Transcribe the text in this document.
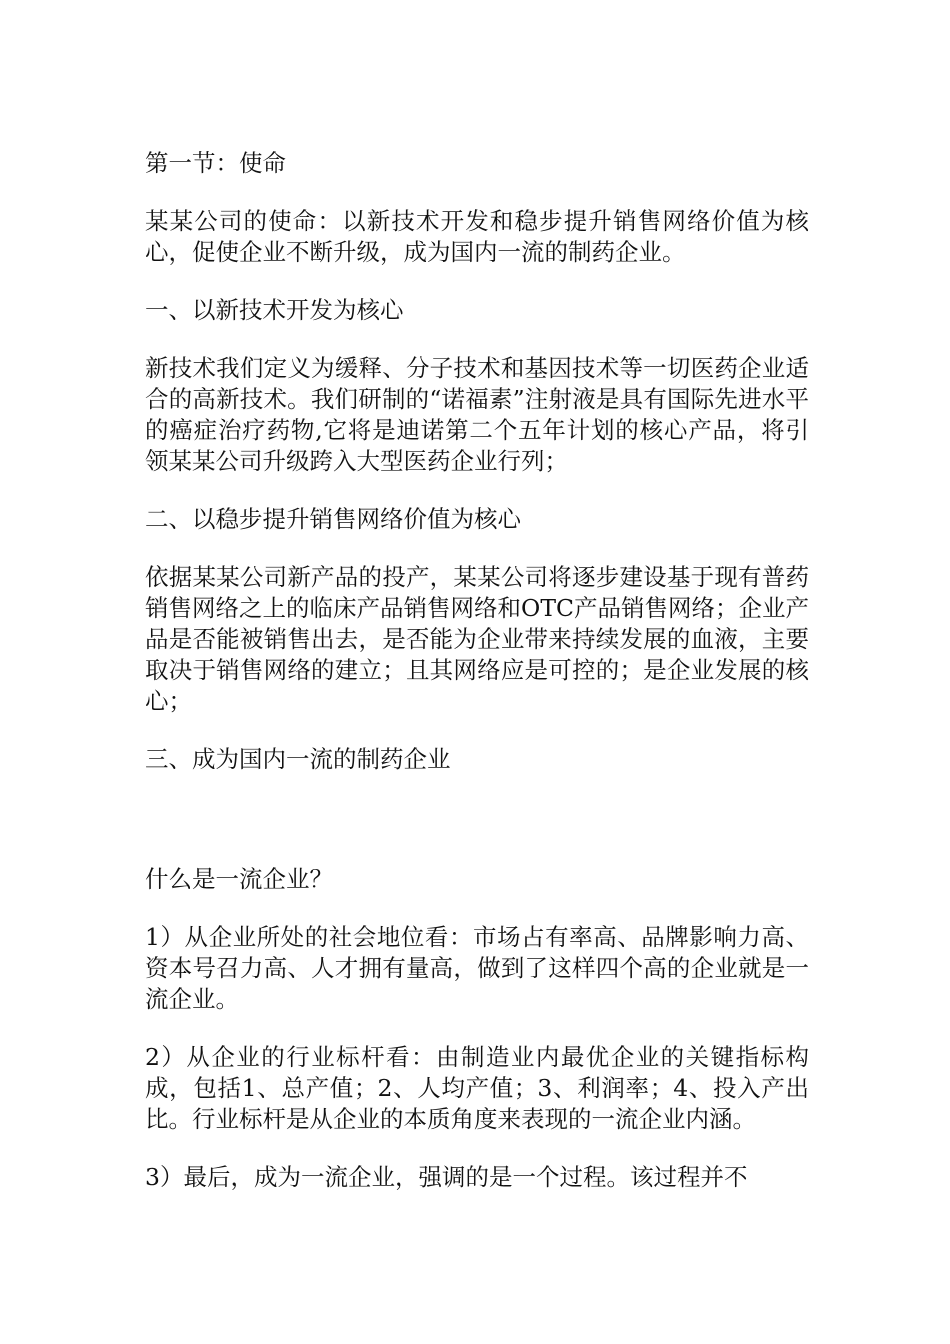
第一节：使命

某某公司的使命：以新技术开发和稳步提升销售网络价值为核心，促使企业不断升级，成为国内一流的制药企业。

一、以新技术开发为核心

新技术我们定义为缓释、分子技术和基因技术等一切医药企业适合的高新技术。我们研制的“诺福素”注射液是具有国际先进水平的癌症治疗药物,它将是迪诺第二个五年计划的核心产品，将引领某某公司升级跨入大型医药企业行列；

二、以稳步提升销售网络价值为核心

依据某某公司新产品的投产，某某公司将逐步建设基于现有普药销售网络之上的临床产品销售网络和OTC产品销售网络；企业产品是否能被销售出去，是否能为企业带来持续发展的血液，主要取决于销售网络的建立；且其网络应是可控的；是企业发展的核心；

三、成为国内一流的制药企业

什么是一流企业？

1）从企业所处的社会地位看：市场占有率高、品牌影响力高、资本号召力高、人才拥有量高，做到了这样四个高的企业就是一流企业。

2）从企业的行业标杆看：由制造业内最优企业的关键指标构成，包括1、总产值；2、人均产值；3、利润率；4、投入产出比。行业标杆是从企业的本质角度来表现的一流企业内涵。

3）最后，成为一流企业，强调的是一个过程。该过程并不
